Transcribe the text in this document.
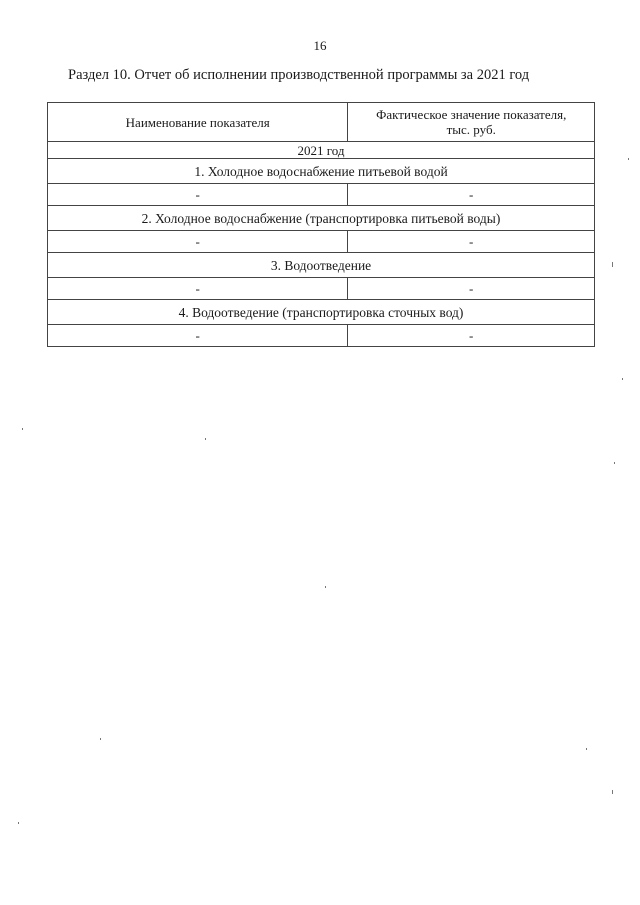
16
Раздел 10. Отчет об исполнении производственной программы за 2021 год
Наименование показателя	Фактическое значение показателя,
тыс. руб.
2021 год	
1. Холодное водоснабжение питьевой водой	
-	-
2. Холодное водоснабжение (транспортировка питьевой воды)	
-	-
3. Водоотведение	
-	-
4. Водоотведение (транспортировка сточных вод)	
-	-
